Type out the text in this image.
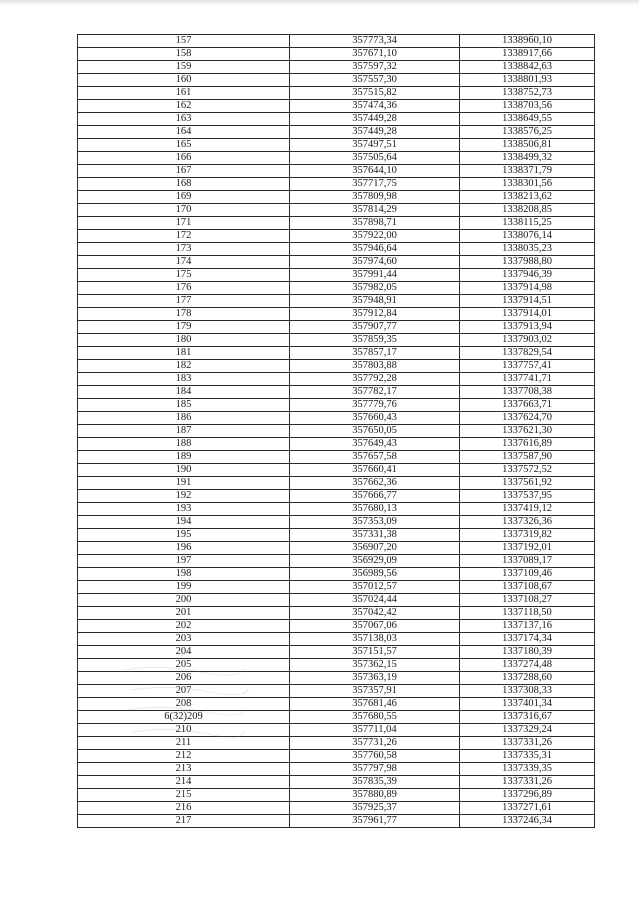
157	357773,34	1338960,10
158	357671,10	1338917,66
159	357597,32	1338842,63
160	357557,30	1338801,93
161	357515,82	1338752,73
162	357474,36	1338703,56
163	357449,28	1338649,55
164	357449,28	1338576,25
165	357497,51	1338506,81
166	357505,64	1338499,32
167	357644,10	1338371,79
168	357717,75	1338301,56
169	357809,98	1338213,62
170	357814,29	1338208,85
171	357898,71	1338115,25
172	357922,00	1338076,14
173	357946,64	1338035,23
174	357974,60	1337988,80
175	357991,44	1337946,39
176	357982,05	1337914,98
177	357948,91	1337914,51
178	357912,84	1337914,01
179	357907,77	1337913,94
180	357859,35	1337903,02
181	357857,17	1337829,54
182	357803,88	1337757,41
183	357792,28	1337741,71
184	357782,17	1337708,38
185	357779,76	1337663,71
186	357660,43	1337624,70
187	357650,05	1337621,30
188	357649,43	1337616,89
189	357657,58	1337587,90
190	357660,41	1337572,52
191	357662,36	1337561,92
192	357666,77	1337537,95
193	357680,13	1337419,12
194	357353,09	1337326,36
195	357331,38	1337319,82
196	356907,20	1337192,01
197	356929,09	1337089,17
198	356989,56	1337109,46
199	357012,57	1337108,67
200	357024,44	1337108,27
201	357042,42	1337118,50
202	357067,06	1337137,16
203	357138,03	1337174,34
204	357151,57	1337180,39
205	357362,15	1337274,48
206	357363,19	1337288,60
207	357357,91	1337308,33
208	357681,46	1337401,34
6(32)209	357680,55	1337316,67
210	357711,04	1337329,24
211	357731,26	1337331,26
212	357760,58	1337335,31
213	357797,98	1337339,35
214	357835,39	1337331,26
215	357880,89	1337296,89
216	357925,37	1337271,61
217	357961,77	1337246,34
